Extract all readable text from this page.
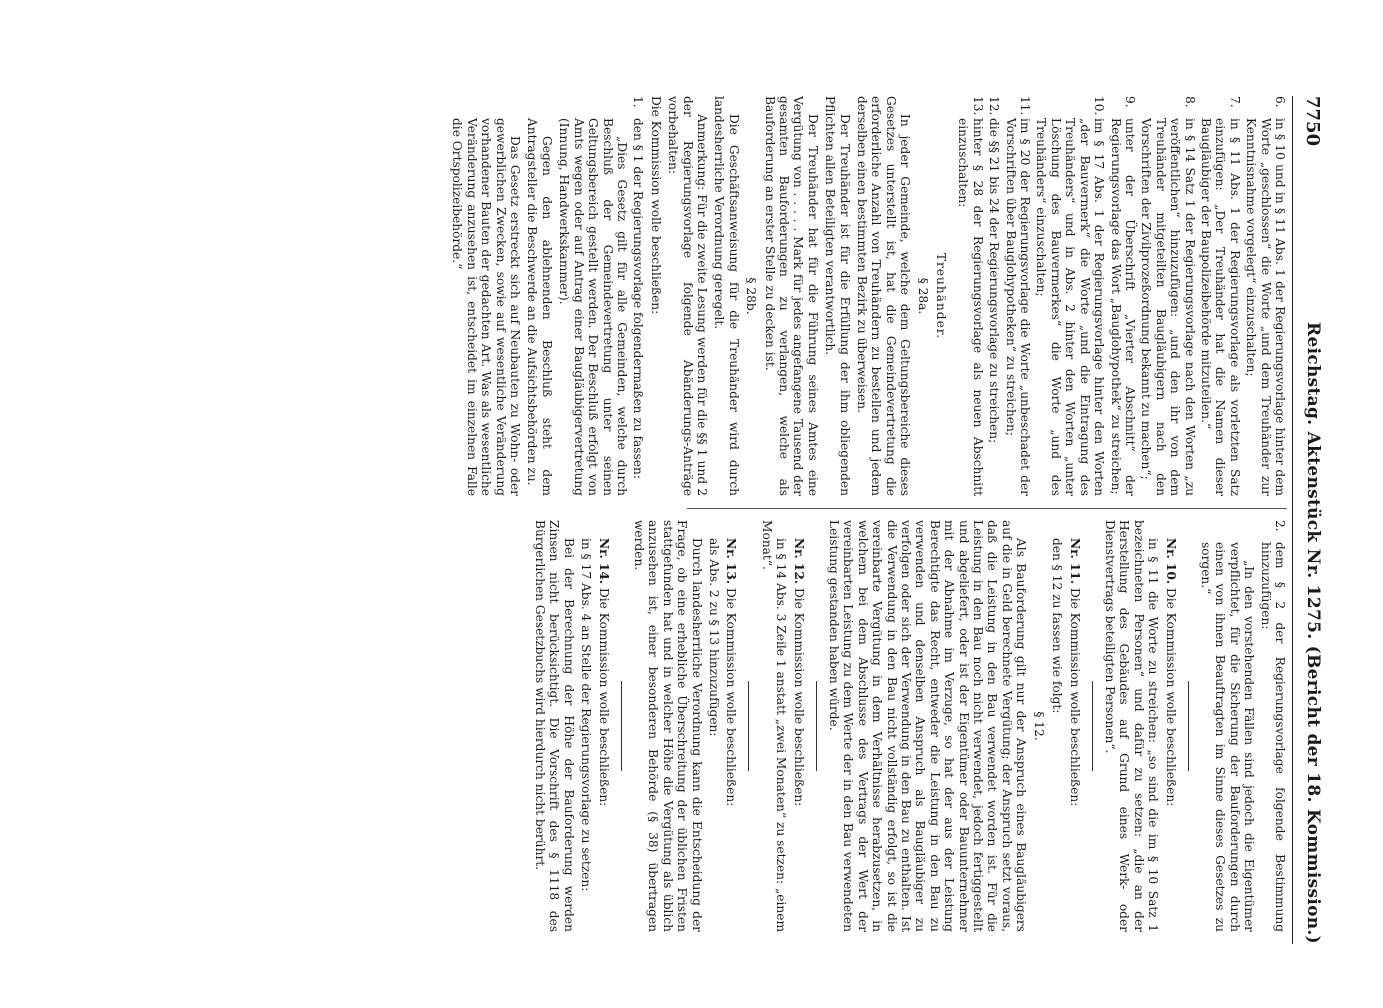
7750
Reichstag. Aktenstück Nr. 1275. (Bericht der 18. Kommission.)
6.
in § 10 und in § 11 Abs. 1 der Regierungsvorlage hinter dem Worte „geschlossen“ die Worte „und dem Treuhänder zur Kenntnisnahme vorgelegt“ einzuschalten;
7.
in § 11 Abs. 1 der Regierungsvorlage als vorletzten Satz einzufügen: „Der Treuhänder hat die Namen dieser Baugläubiger der Baupolizeibehörde mitzuteilen.“
8.
in § 14 Satz 1 der Regierungsvorlage nach den Worten „zu veröffentlichen“ hinzuzufügen: „und den ihr von dem Treuhänder mitgeteilten Baugläubigern nach den Vorschriften der Zivilprozeßordnung bekannt zu machen“;
9.
unter der Überschrift „Vierter Abschnitt“ der Regierungsvorlage das Wort „Bauglohypothek“ zu streichen;
10.
im § 17 Abs. 1 der Regierungsvorlage hinter den Worten „der Bauvermerk“ die Worte „und die Eintragung des Treuhänders“ und in Abs. 2 hinter den Worten „unter Löschung des Bauvermerkes“ die Worte „und des Treuhänders“ einzuschalten;
11.
im § 20 der Regierungsvorlage die Worte „unbeschadet der Vorschriften über Bauglohypotheken“ zu streichen;
12.
die §§ 21 bis 24 der Regierungsvorlage zu streichen;
13.
hinter § 28 der Regierungsvorlage als neuen Abschnitt einzuschalten:
Treuhänder.
§ 28a.

In jeder Gemeinde, welche dem Geltungsbereiche dieses Gesetzes unterstellt ist, hat die Gemeindevertretung die erforderliche Anzahl von Treuhändern zu bestellen und jedem derselben einen bestimmten Bezirk zu überweisen.

Der Treuhänder ist für die Erfüllung der ihm obliegenden Pflichten allen Beteiligten verantwortlich.

Der Treuhänder hat für die Führung seines Amtes eine Vergütung von . . . . . Mark für jedes angefangene Tausend der gesamten Bauforderungen zu verlangen, welche als Bauforderung an erster Stelle zu decken ist.

§ 28b.

Die Geschäftsanweisung für die Treuhänder wird durch landesherrliche Verordnung geregelt.

Anmerkung: Für die zweite Lesung werden für die §§ 1 und 2 der Regierungsvorlage folgende Abänderungs-Anträge vorbehalten:

Die Kommission wolle beschließen:

1.
den § 1 der Regierungsvorlage folgendermaßen zu fassen:

„Dies Gesetz gilt für alle Gemeinden, welche durch Beschluß der Gemeindevertretung unter seinen Geltungsbereich gestellt werden. Der Beschluß erfolgt von Amts wegen oder auf Antrag einer Baugläubigervertretung (Innung, Handwerkskammer).

Gegen den ablehnenden Beschluß steht dem Antragsteller die Beschwerde an die Aufsichtsbehörden zu.

Das Gesetz erstreckt sich auf Neubauten zu Wohn- oder gewerblichen Zwecken, sowie auf wesentliche Veränderung vorhandener Bauten der gedachten Art. Was als wesentliche Veränderung anzusehen ist, entscheidet im einzelnen Falle die Ortspolizeibehörde.“

2.
dem § 2 der Regierungsvorlage folgende Bestimmung hinzuzufügen:

„In den vorstehenden Fällen sind jedoch die Eigentümer verpflichtet, für die Sicherung der Bauforderungen durch einen von ihnen Beauftragten im Sinne dieses Gesetzes zu sorgen.“

Nr. 10. Die Kommission wolle beschließen:

in § 11 die Worte zu streichen: „so sind die im § 10 Satz 1 bezeichneten Personen“ und dafür zu setzen: „die an der Herstellung des Gebäudes auf Grund eines Werk- oder Dienstvertrags beteiligten Personen“.

Nr. 11. Die Kommission wolle beschließen:

den § 12 zu fassen wie folgt:

§ 12.

Als Bauforderung gilt nur der Anspruch eines Baugläubigers auf die in Geld berechnete Vergütung; der Anspruch setzt voraus, daß die Leistung in den Bau verwendet worden ist. Für die Leistung in den Bau noch nicht verwendet, jedoch fertiggestellt und abgeliefert, oder ist der Eigentümer oder Bauunternehmer mit der Abnahme im Verzuge, so hat der aus der Leistung Berechtigte das Recht, entweder die Leistung in den Bau zu verwenden und denselben Anspruch als Baugläubiger zu verfolgen oder sich der Verwendung in den Bau zu enthalten. Ist die Verwendung in den Bau nicht vollständig erfolgt, so ist die vereinbarte Vergütung in dem Verhältnisse herabzusetzen, in welchem bei dem Abschlusse des Vertrags der Wert der vereinbarten Leistung zu dem Werte der in den Bau verwendeten Leistung gestanden haben würde.

Nr. 12. Die Kommission wolle beschließen:

in § 14 Abs. 3 Zeile 1 anstatt „zwei Monaten“ zu setzen: „einem Monat“.

Nr. 13. Die Kommission wolle beschließen:

als Abs. 2 zu § 13 hinzuzufügen:

Durch landesherrliche Verordnung kann die Entscheidung der Frage, ob eine erhebliche Überschreitung der üblichen Fristen stattgefunden hat und in welcher Höhe die Vergütung als üblich anzusehen ist, einer besonderen Behörde (§ 38) übertragen werden.

Nr. 14. Die Kommission wolle beschließen:

in § 17 Abs. 4 an Stelle der Regierungsvorlage zu setzen:

Bei der Berechnung der Höhe der Bauforderung werden Zinsen nicht berücksichtigt. Die Vorschrift des § 1118 des Bürgerlichen Gesetzbuchs wird hierdurch nicht berührt.
